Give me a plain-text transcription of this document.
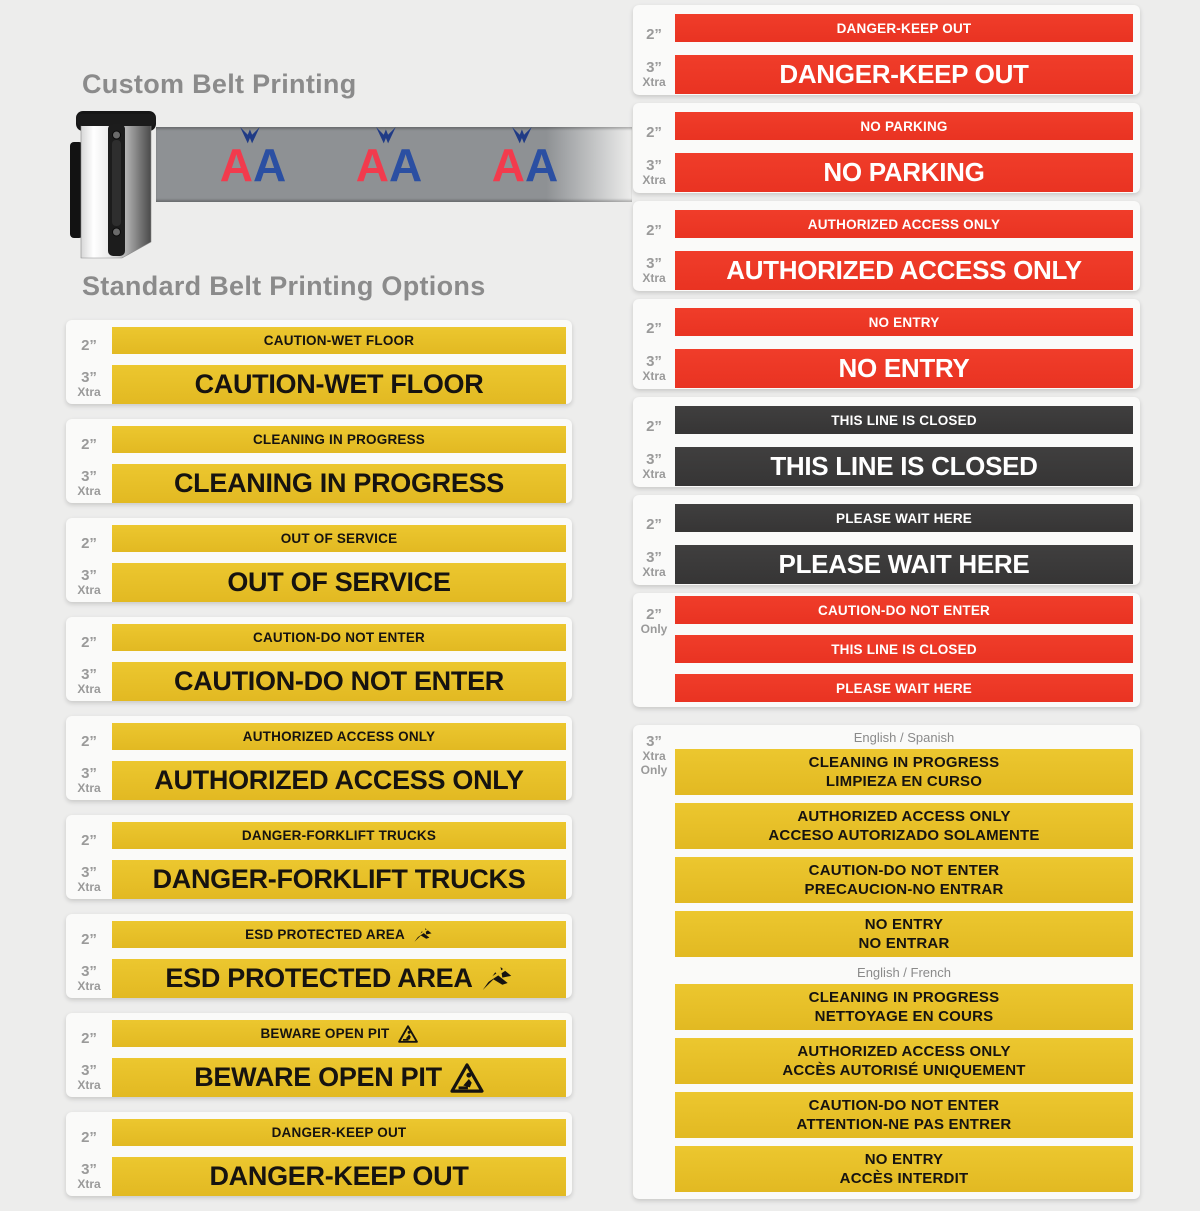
Custom Belt Printing
A A A A A A
Standard Belt Printing Options
2”	CAUTION-WET FLOOR
3”
Xtra	CAUTION-WET FLOOR
2”	CLEANING IN PROGRESS
3”
Xtra	CLEANING IN PROGRESS
2”	OUT OF SERVICE
3”
Xtra	OUT OF SERVICE
2”	CAUTION-DO NOT ENTER
3”
Xtra	CAUTION-DO NOT ENTER
2”	AUTHORIZED ACCESS ONLY
3”
Xtra	AUTHORIZED ACCESS ONLY
2”	DANGER-FORKLIFT TRUCKS
3”
Xtra	DANGER-FORKLIFT TRUCKS
2”	ESD PROTECTED AREA
3”
Xtra	ESD PROTECTED AREA
2”	BEWARE OPEN PIT
3”
Xtra	BEWARE OPEN PIT
2”	DANGER-KEEP OUT
3”
Xtra	DANGER-KEEP OUT
2”	DANGER-KEEP OUT
3”
Xtra	DANGER-KEEP OUT
2”	NO PARKING
3”
Xtra	NO PARKING
2”	AUTHORIZED ACCESS ONLY
3”
Xtra	AUTHORIZED ACCESS ONLY
2”	NO ENTRY
3”
Xtra	NO ENTRY
2”	THIS LINE IS CLOSED
3”
Xtra	THIS LINE IS CLOSED
2”	PLEASE WAIT HERE
3”
Xtra	PLEASE WAIT HERE
2”
Only
CAUTION-DO NOT ENTER
THIS LINE IS CLOSED
PLEASE WAIT HERE
3”
Xtra
Only
English / Spanish
CLEANING IN PROGRESS
LIMPIEZA EN CURSO
AUTHORIZED ACCESS ONLY
ACCESO AUTORIZADO SOLAMENTE
CAUTION-DO NOT ENTER
PRECAUCION-NO ENTRAR
NO ENTRY
NO ENTRAR
English / French
CLEANING IN PROGRESS
NETTOYAGE EN COURS
AUTHORIZED ACCESS ONLY
ACCÈS AUTORISÉ UNIQUEMENT
CAUTION-DO NOT ENTER
ATTENTION-NE PAS ENTRER
NO ENTRY
ACCÈS INTERDIT
